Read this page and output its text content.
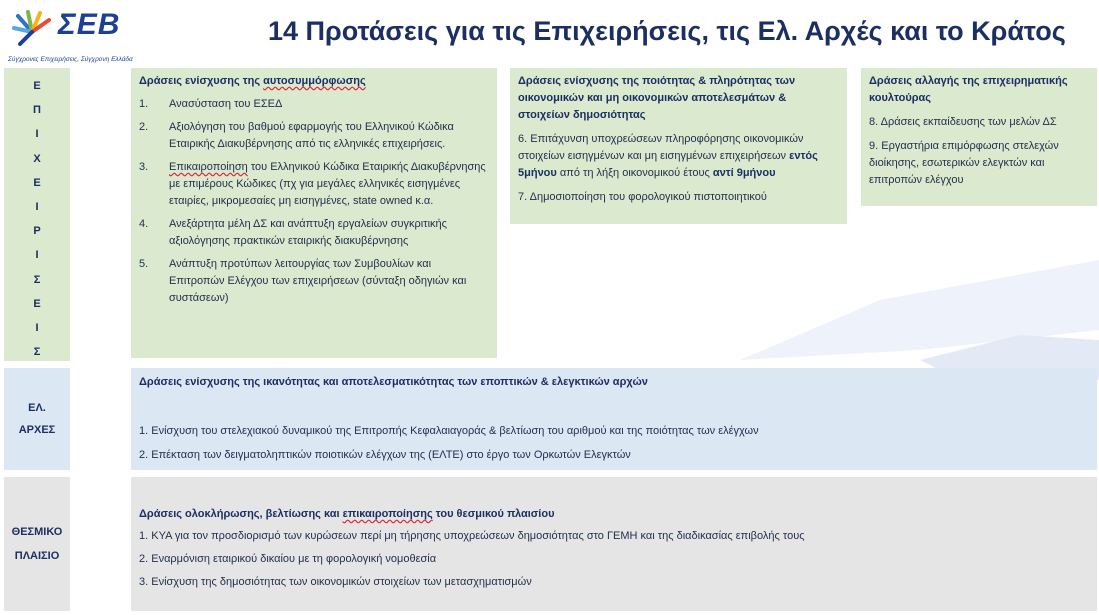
ΣΕΒ
Σύγχρονες Επιχειρήσεις, Σύγχρονη Ελλάδα
14 Προτάσεις για τις Επιχειρήσεις, τις Ελ. Αρχές και το Κράτος
Ε
Π
Ι
Χ
Ε
Ι
Ρ
Ι
Σ
Ε
Ι
Σ
ΕΛ.
ΑΡΧΕΣ
ΘΕΣΜΙΚΟ
ΠΛΑΙΣΙΟ
Δράσεις ενίσχυσης της αυτοσυμμόρφωσης
1. Ανασύσταση του ΕΣΕΔ
2. Αξιολόγηση του βαθμού εφαρμογής του Ελληνικού Κώδικα Εταιρικής Διακυβέρνησης από τις ελληνικές επιχειρήσεις.
3. Επικαιροποίηση του Ελληνικού Κώδικα Εταιρικής Διακυβέρνησης με επιμέρους Κώδικες (πχ για μεγάλες ελληνικές εισηγμένες εταιρίες, μικρομεσαίες μη εισηγμένες, state owned κ.α.
4. Ανεξάρτητα μέλη ΔΣ και ανάπτυξη εργαλείων συγκριτικής αξιολόγησης πρακτικών εταιρικής διακυβέρνησης
5. Ανάπτυξη προτύπων λειτουργίας των Συμβουλίων και Επιτροπών Ελέγχου των επιχειρήσεων (σύνταξη οδηγιών και συστάσεων)
Δράσεις ενίσχυσης της ποιότητας & πληρότητας των οικονομικών και μη οικονομικών αποτελεσμάτων & στοιχείων δημοσιότητας
6. Επιτάχυνση υποχρεώσεων πληροφόρησης οικονομικών στοιχείων εισηγμένων και μη εισηγμένων επιχειρήσεων εντός 5μήνου από τη λήξη οικονομικού έτους αντί 9μήνου
7. Δημοσιοποίηση του φορολογικού πιστοποιητικού
Δράσεις αλλαγής της επιχειρηματικής κουλτούρας
8. Δράσεις εκπαίδευσης των μελών ΔΣ
9. Εργαστήρια επιμόρφωσης στελεχών διοίκησης, εσωτερικών ελεγκτών και επιτροπών ελέγχου
Δράσεις ενίσχυσης της ικανότητας και αποτελεσματικότητας των εποπτικών & ελεγκτικών αρχών
1. Ενίσχυση του στελεχιακού δυναμικού της Επιτροπής Κεφαλαιαγοράς & βελτίωση του αριθμού και της ποιότητας των ελέγχων
2. Επέκταση των δειγματοληπτικών ποιοτικών ελέγχων της (ΕΛΤΕ) στο έργο των Ορκωτών Ελεγκτών
Δράσεις ολοκλήρωσης, βελτίωσης και επικαιροποίησης του θεσμικού πλαισίου
1. ΚΥΑ για τον προσδιορισμό των κυρώσεων περί μη τήρησης υποχρεώσεων δημοσιότητας στο ΓΕΜΗ και της διαδικασίας επιβολής τους
2. Εναρμόνιση εταιρικού δικαίου με τη φορολογική νομοθεσία
3. Ενίσχυση της δημοσιότητας των οικονομικών στοιχείων των μετασχηματισμών
